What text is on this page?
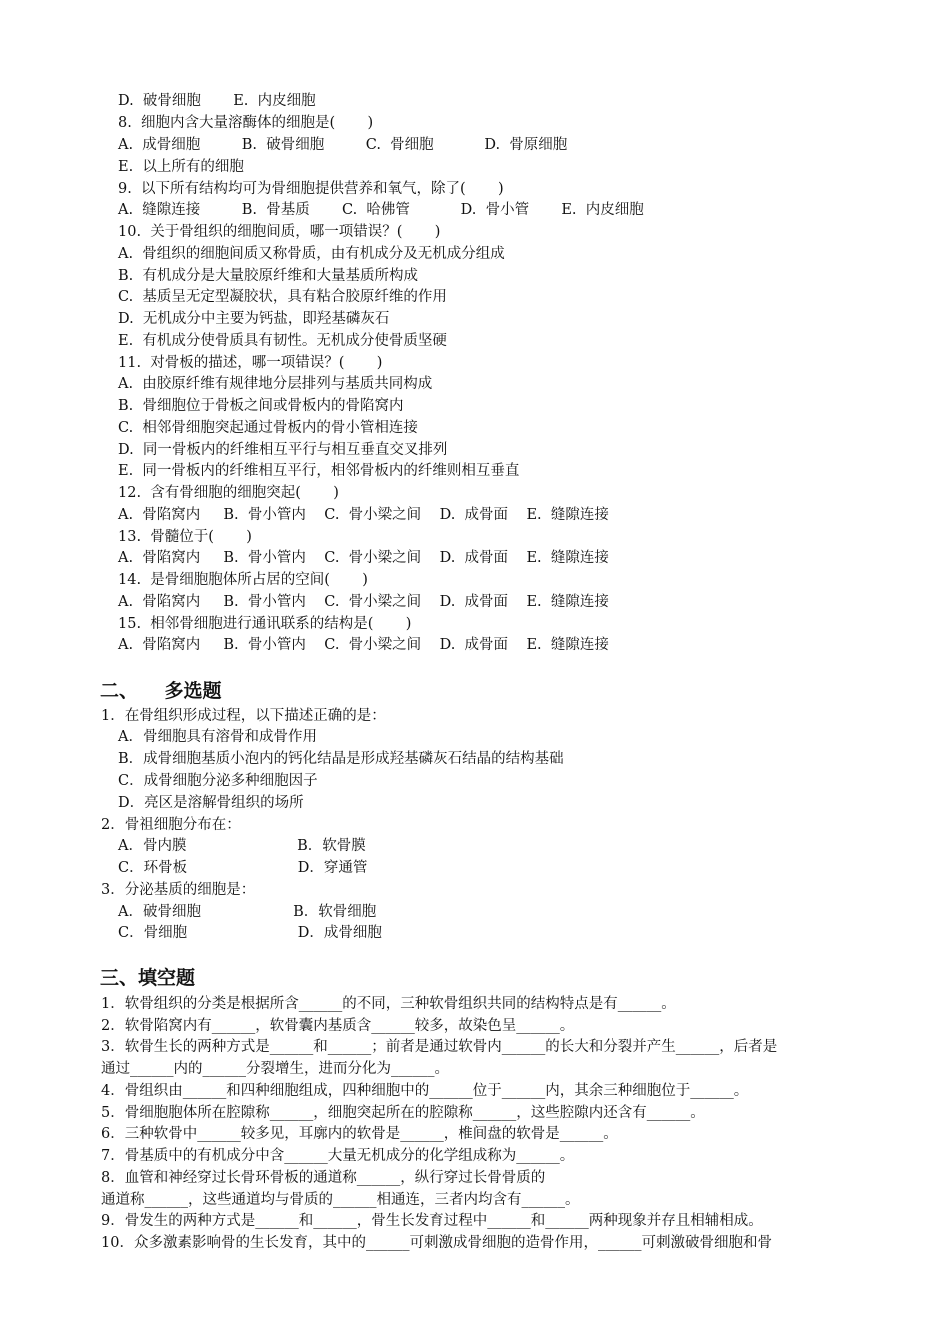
D.  破骨细胞       E.  内皮细胞
8.  细胞内含大量溶酶体的细胞是(       )
A.  成骨细胞         B.  破骨细胞         C.  骨细胞           D.  骨原细胞
E.  以上所有的细胞
9.  以下所有结构均可为骨细胞提供营养和氧气，除了(       )
A.  缝隙连接         B.  骨基质       C.  哈佛管           D.  骨小管       E.  内皮细胞
10.  关于骨组织的细胞间质，哪一项错误？(       )
A.  骨组织的细胞间质又称骨质，由有机成分及无机成分组成
B.  有机成分是大量胶原纤维和大量基质所构成
C.  基质呈无定型凝胶状，具有粘合胶原纤维的作用
D.  无机成分中主要为钙盐，即羟基磷灰石
E.  有机成分使骨质具有韧性。无机成分使骨质坚硬
11.  对骨板的描述，哪一项错误？(       )
A.  由胶原纤维有规律地分层排列与基质共同构成
B.  骨细胞位于骨板之间或骨板内的骨陷窝内
C.  相邻骨细胞突起通过骨板内的骨小管相连接
D.  同一骨板内的纤维相互平行与相互垂直交叉排列
E.  同一骨板内的纤维相互平行，相邻骨板内的纤维则相互垂直
12.  含有骨细胞的细胞突起(       )
A.  骨陷窝内     B.  骨小管内    C.  骨小梁之间    D.  成骨面    E.  缝隙连接
13.  骨髓位于(       )
A.  骨陷窝内     B.  骨小管内    C.  骨小梁之间    D.  成骨面    E.  缝隙连接
14.  是骨细胞胞体所占居的空间(       )
A.  骨陷窝内     B.  骨小管内    C.  骨小梁之间    D.  成骨面    E.  缝隙连接
15.  相邻骨细胞进行通讯联系的结构是(       )
A.  骨陷窝内     B.  骨小管内    C.  骨小梁之间    D.  成骨面    E.  缝隙连接
1．在骨组织形成过程，以下描述正确的是：
A．骨细胞具有溶骨和成骨作用
B．成骨细胞基质小泡内的钙化结晶是形成羟基磷灰石结晶的结构基础
C．成骨细胞分泌多种细胞因子
D．亮区是溶解骨组织的场所
2．骨祖细胞分布在：
A．骨内膜                        B．软骨膜
C．环骨板                        D．穿通管
3．分泌基质的细胞是：
A．破骨细胞                    B．软骨细胞
C．骨细胞                        D．成骨细胞
1．软骨组织的分类是根据所含______的不同，三种软骨组织共同的结构特点是有______。
2．软骨陷窝内有______，软骨囊内基质含______较多，故染色呈______。
3．软骨生长的两种方式是______和______；前者是通过软骨内______的长大和分裂并产生______，后者是
通过______内的______分裂增生，进而分化为______。
4．骨组织由______和四种细胞组成，四种细胞中的______位于______内，其余三种细胞位于______。
5．骨细胞胞体所在腔隙称______，细胞突起所在的腔隙称______，这些腔隙内还含有______。
6．三种软骨中______较多见，耳廓内的软骨是______，椎间盘的软骨是______。
7．骨基质中的有机成分中含______大量无机成分的化学组成称为______。
8．血管和神经穿过长骨环骨板的通道称______，纵行穿过长骨骨质的
通道称______，这些通道均与骨质的______相通连，三者内均含有______。
9．骨发生的两种方式是______和______，骨生长发育过程中______和______两种现象并存且相辅相成。
10．众多激素影响骨的生长发育，其中的______可刺激成骨细胞的造骨作用，______可刺激破骨细胞和骨
二、    多选题
三、填空题
